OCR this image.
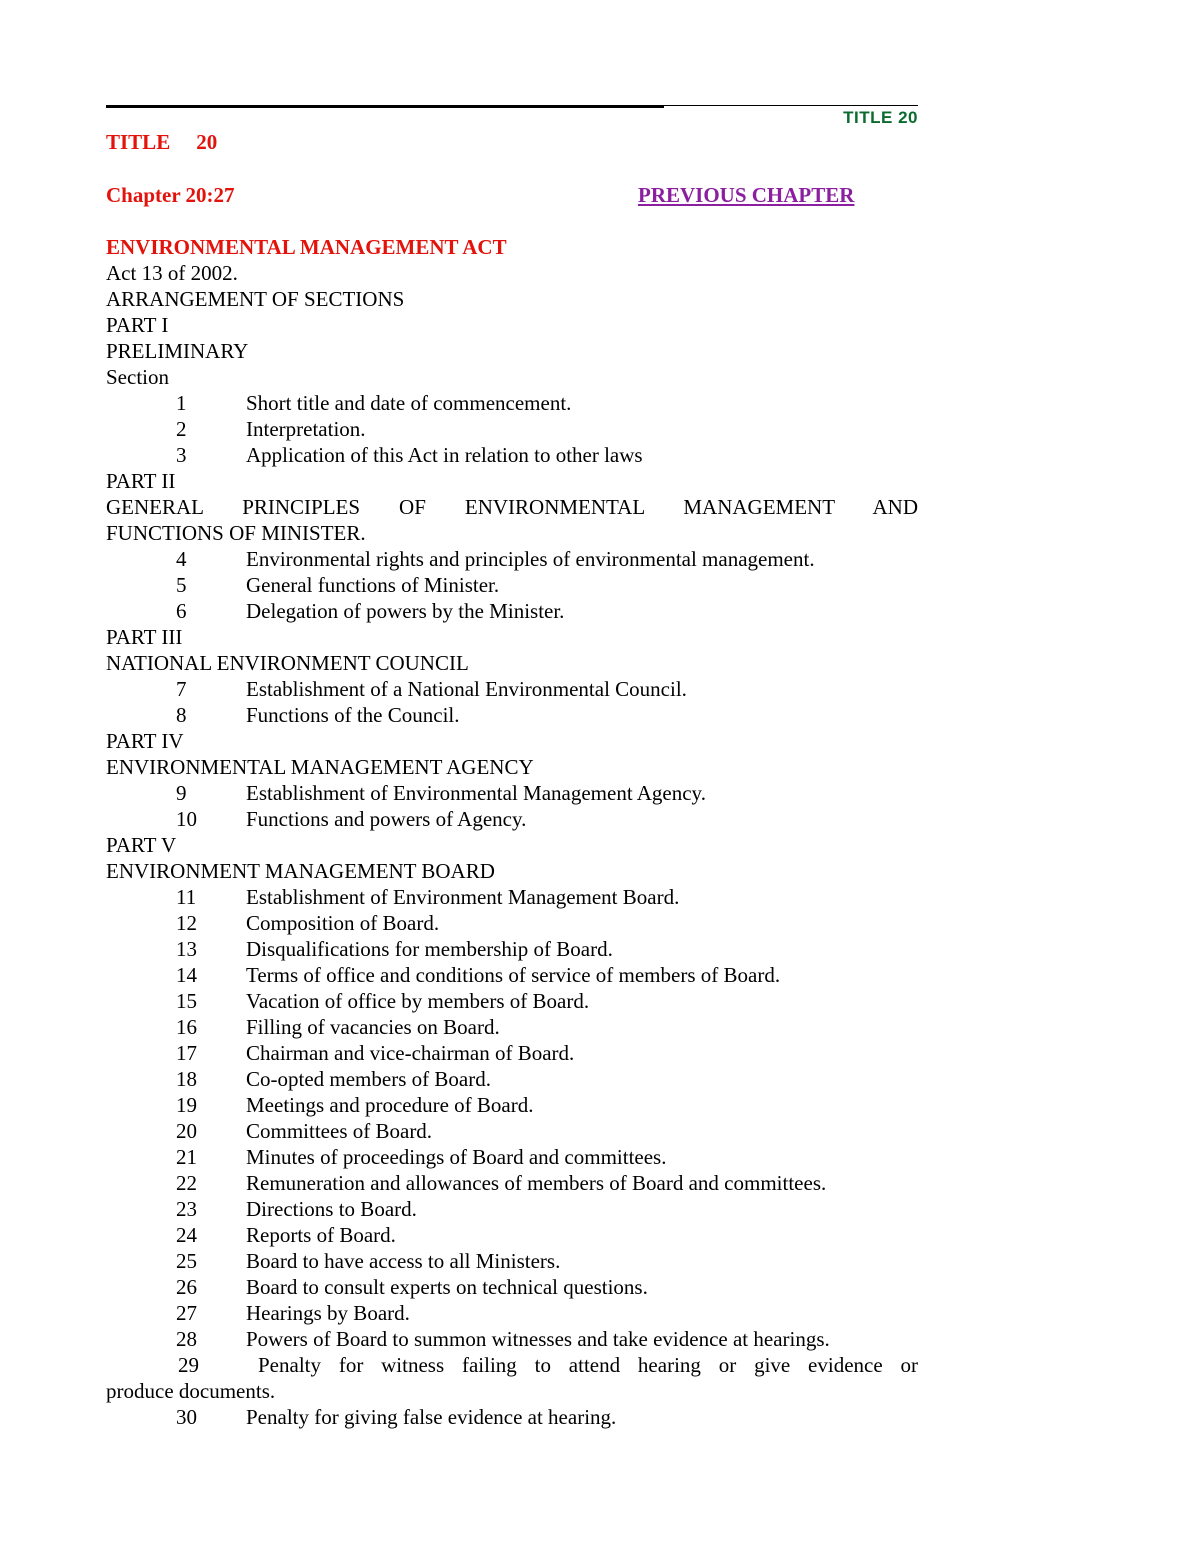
TITLE 20
TITLE 20
Chapter 20:27	PREVIOUS CHAPTER
ENVIRONMENTAL MANAGEMENT ACT
Act 13 of 2002.
ARRANGEMENT OF SECTIONS
PART I
PRELIMINARY
Section
1	Short title and date of commencement.
2	Interpretation.
3	Application of this Act in relation to other laws
PART II
GENERAL   PRINCIPLES   OF   ENVIRONMENTAL   MANAGEMENT   AND
FUNCTIONS OF MINISTER.
4	Environmental rights and principles of environmental management.
5	General functions of Minister.
6	Delegation of powers by the Minister.
PART III
NATIONAL ENVIRONMENT COUNCIL
7	Establishment of a National Environmental Council.
8	Functions of the Council.
PART IV
ENVIRONMENTAL MANAGEMENT AGENCY
9	Establishment of Environmental Management Agency.
10 Functions and powers of Agency.
PART V
ENVIRONMENT MANAGEMENT BOARD
11 Establishment of Environment Management Board.
12 Composition of Board.
13 Disqualifications for membership of Board.
14 Terms of office and conditions of service of members of Board.
15 Vacation of office by members of Board.
16 Filling of vacancies on Board.
17 Chairman and vice-chairman of Board.
18 Co-opted members of Board.
19 Meetings and procedure of Board.
20 Committees of Board.
21 Minutes of proceedings of Board and committees.
22 Remuneration and allowances of members of Board and committees.
23 Directions to Board.
24 Reports of Board.
25 Board to have access to all Ministers.
26 Board to consult experts on technical questions.
27 Hearings by Board.
28 Powers of Board to summon witnesses and take evidence at hearings.
29	Penalty  for  witness  failing  to  attend  hearing  or  give  evidence  or
produce documents.
30 Penalty for giving false evidence at hearing.
